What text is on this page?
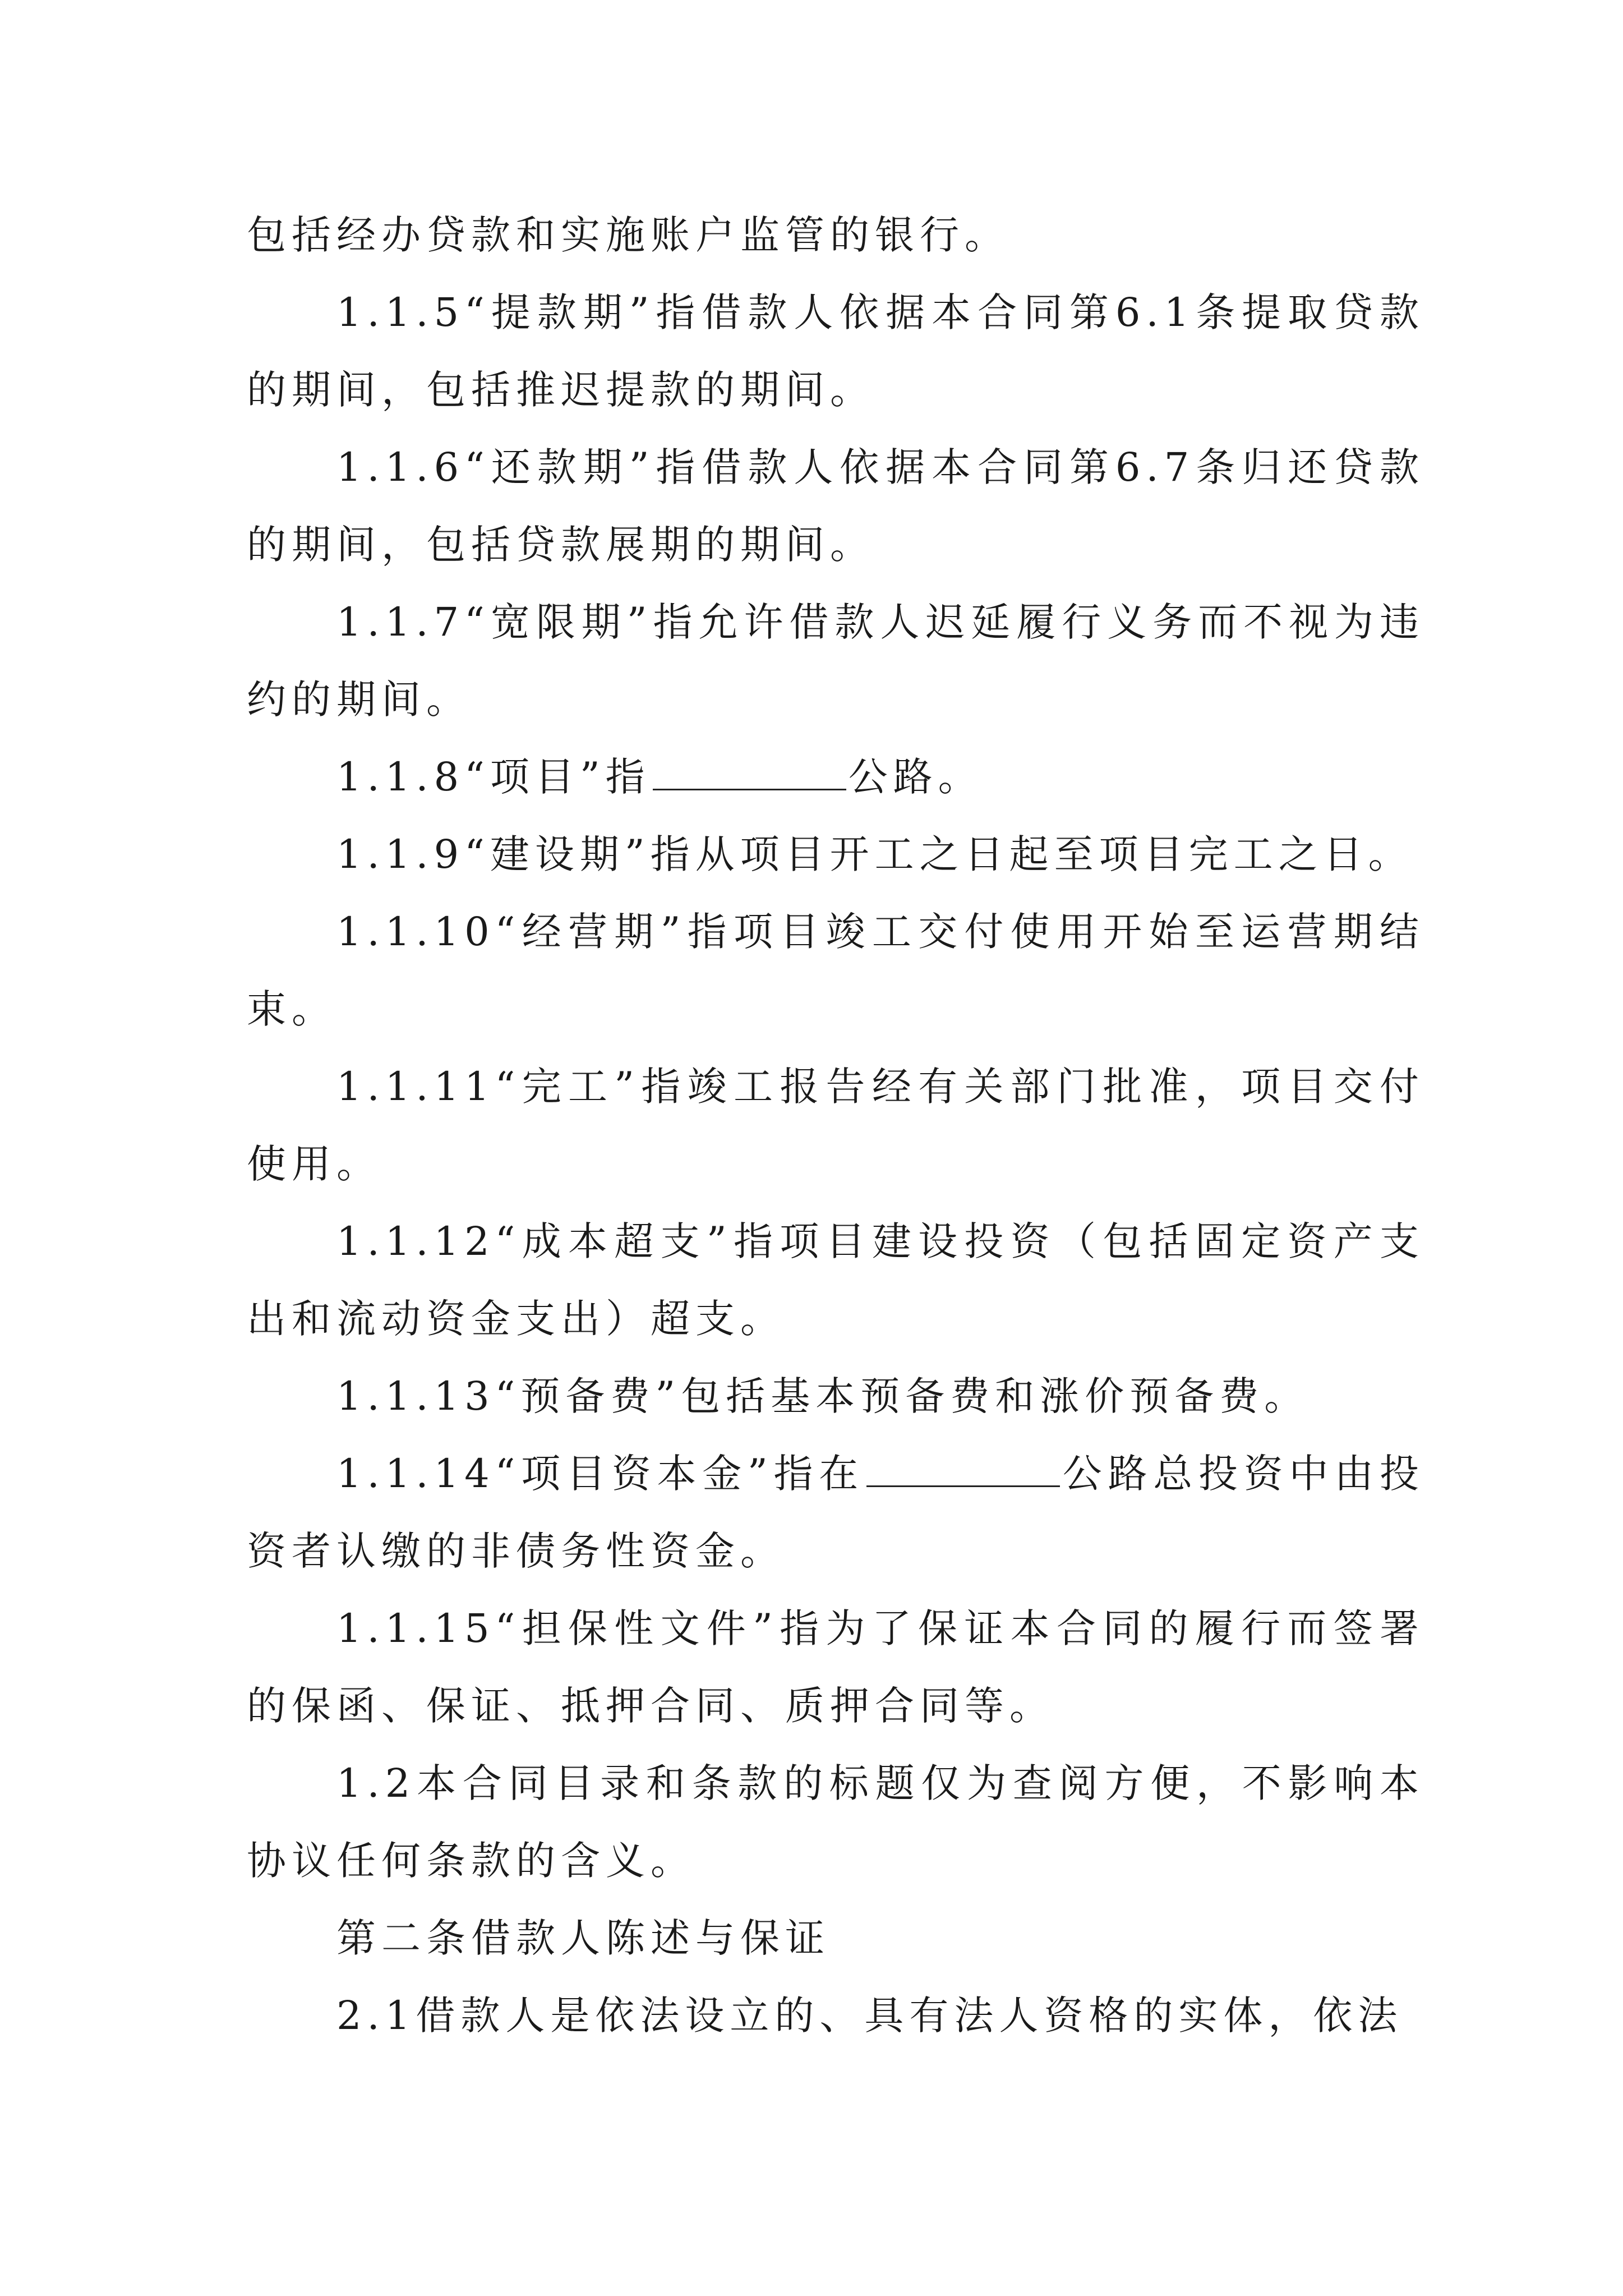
包括经办贷款和实施账户监管的银行。

1.1.5“提款期”指借款人依据本合同第6.1条提取贷款的期间，包括推迟提款的期间。

1.1.6“还款期”指借款人依据本合同第6.7条归还贷款的期间，包括贷款展期的期间。

1.1.7“宽限期”指允许借款人迟延履行义务而不视为违约的期间。

1.1.8“项目”指	公路。

1.1.9“建设期”指从项目开工之日起至项目完工之日。

1.1.10“经营期”指项目竣工交付使用开始至运营期结束。

1.1.11“完工”指竣工报告经有关部门批准，项目交付使用。

1.1.12“成本超支”指项目建设投资（包括固定资产支出和流动资金支出）超支。

1.1.13“预备费”包括基本预备费和涨价预备费。

1.1.14“项目资本金”指在	公路总投资中由投资者认缴的非债务性资金。

1.1.15“担保性文件”指为了保证本合同的履行而签署的保函、保证、抵押合同、质押合同等。

1.2本合同目录和条款的标题仅为查阅方便，不影响本协议任何条款的含义。

第二条借款人陈述与保证

2.1借款人是依法设立的、具有法人资格的实体，依法
